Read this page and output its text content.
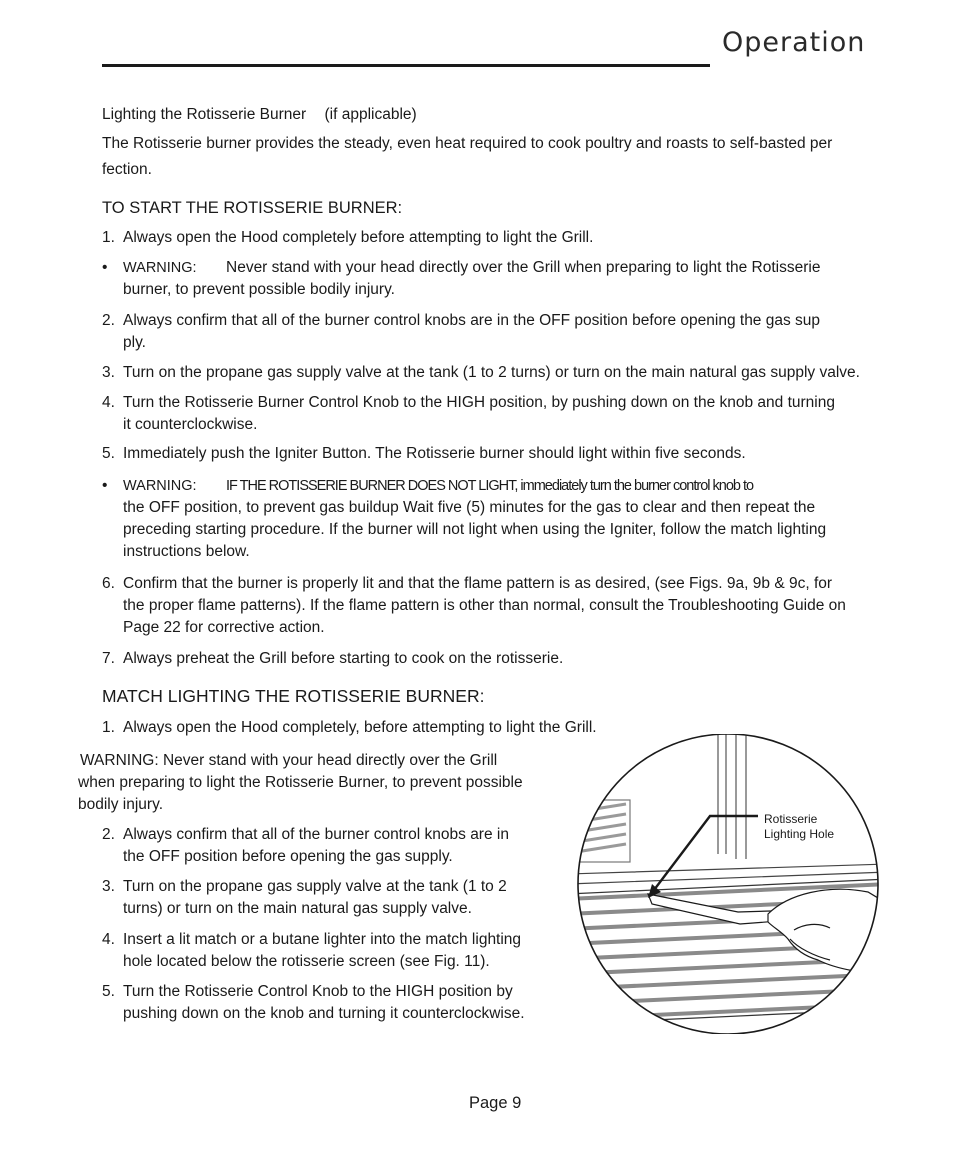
Operation
Lighting the Rotisserie Burner (if applicable)
The Rotisserie burner provides the steady, even heat required to cook poultry and roasts to self-basted per
fection.
TO START THE ROTISSERIE BURNER:
1. Always open the Hood completely before attempting to light the Grill.
• WARNING: Never stand with your head directly over the Grill when preparing to light the Rotisserie
burner, to prevent possible bodily injury.
2. Always confirm that all of the burner control knobs are in the OFF position before opening the gas sup
ply.
3. Turn on the propane gas supply valve at the tank (1 to 2 turns) or turn on the main natural gas supply valve.
4. Turn the Rotisserie Burner Control Knob to the HIGH position, by pushing down on the knob and turning
it counterclockwise.
5. Immediately push the Igniter Button. The Rotisserie burner should light within five seconds.
• WARNING: IF THE ROTISSERIE BURNER DOES NOT LIGHT, immediately turn the burner control knob to
the OFF position, to prevent gas buildup Wait five (5) minutes for the gas to clear and then repeat the
preceding starting procedure. If the burner will not light when using the Igniter, follow the match lighting
instructions below.
6. Confirm that the burner is properly lit and that the flame pattern is as desired, (see Figs. 9a, 9b & 9c, for
the proper flame patterns). If the flame pattern is other than normal, consult the Troubleshooting Guide on
Page 22 for corrective action.
7. Always preheat the Grill before starting to cook on the rotisserie.
MATCH LIGHTING THE ROTISSERIE BURNER:
1. Always open the Hood completely, before attempting to light the Grill.
WARNING: Never stand with your head directly over the Grill
when preparing to light the Rotisserie Burner, to prevent possible
bodily injury.
2. Always confirm that all of the burner control knobs are in
the OFF position before opening the gas supply.
3. Turn on the propane gas supply valve at the tank (1 to 2
turns) or turn on the main natural gas supply valve.
4. Insert a lit match or a butane lighter into the match lighting
hole located below the rotisserie screen (see Fig. 11).
5. Turn the Rotisserie Control Knob to the HIGH position by
pushing down on the knob and turning it counterclockwise.
Rotisserie
Lighting Hole
Page 9
